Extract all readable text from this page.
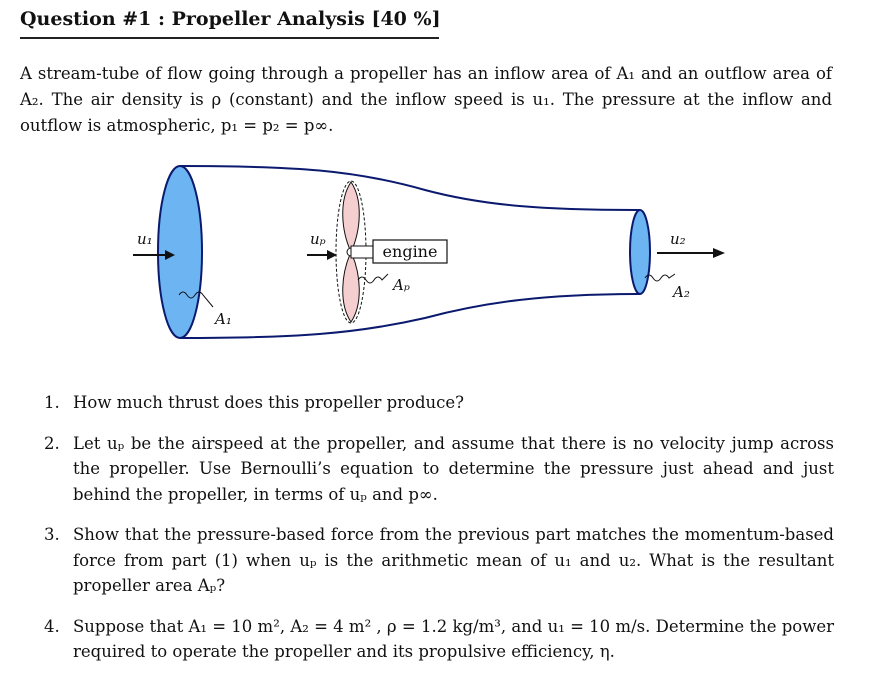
Question #1 : Propeller Analysis [40 %]
A stream-tube of flow going through a propeller has an inflow area of A₁ and an outflow area of A₂. The air density is ρ (constant) and the inflow speed is u₁. The pressure at the inflow and outflow is atmospheric, p₁ = p₂ = p∞.
engine
u₁	uₚ	u₂
A₁
Aₚ	A₂
1. How much thrust does this propeller produce?
2. Let uₚ be the airspeed at the propeller, and assume that there is no velocity jump across the propeller. Use Bernoulli’s equation to determine the pressure just ahead and just behind the propeller, in terms of uₚ and p∞.
3. Show that the pressure-based force from the previous part matches the momentum-based force from part (1) when uₚ is the arithmetic mean of u₁ and u₂. What is the resultant propeller area Aₚ?
4. Suppose that A₁ = 10 m², A₂ = 4 m² , ρ = 1.2 kg/m³, and u₁ = 10 m/s. Determine the power required to operate the propeller and its propulsive efficiency, η.
